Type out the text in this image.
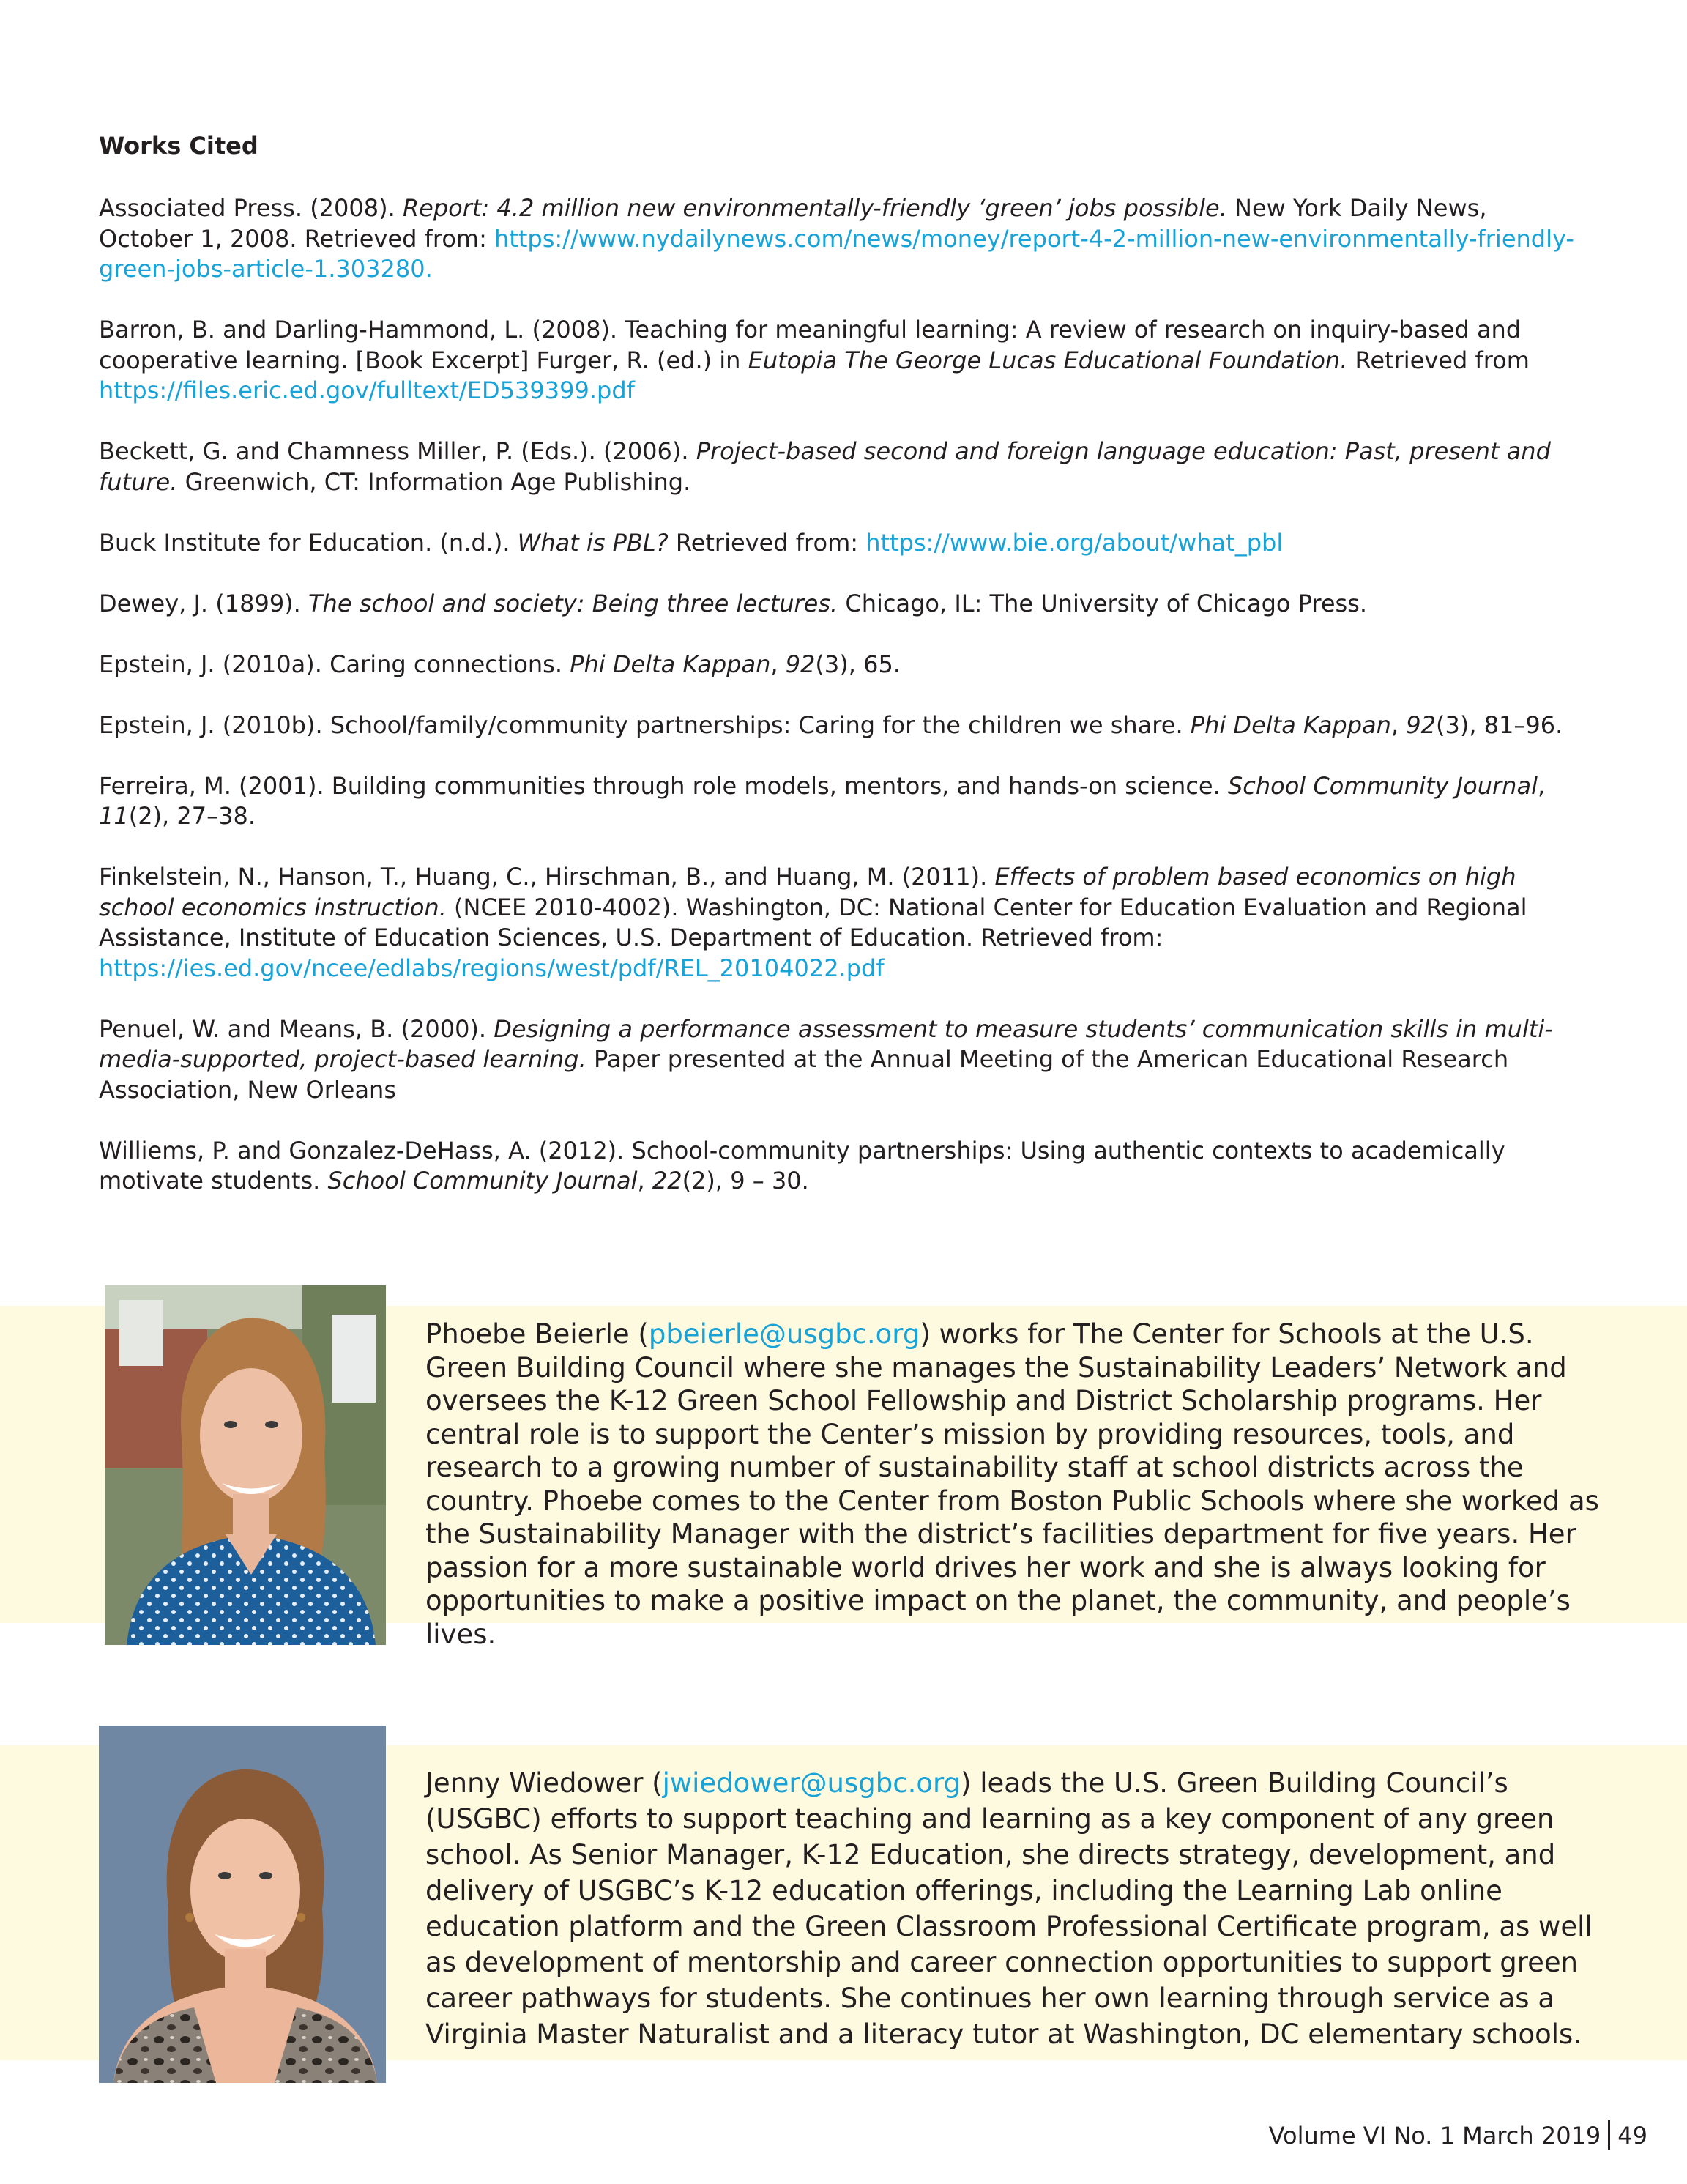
Works Cited
Associated Press. (2008). Report: 4.2 million new environmentally-friendly ‘green’ jobs possible. New York Daily News, October 1, 2008. Retrieved from: https://www.nydailynews.com/news/money/report-4-2-million-new-environmentally-friendly-green-jobs-article-1.303280.
Barron, B. and Darling-Hammond, L. (2008). Teaching for meaningful learning: A review of research on inquiry-based and cooperative learning. [Book Excerpt] Furger, R. (ed.) in Eutopia The George Lucas Educational Foundation. Retrieved from https://files.eric.ed.gov/fulltext/ED539399.pdf
Beckett, G. and Chamness Miller, P. (Eds.). (2006). Project-based second and foreign language education: Past, present and future. Greenwich, CT: Information Age Publishing.
Buck Institute for Education. (n.d.). What is PBL? Retrieved from: https://www.bie.org/about/what_pbl
Dewey, J. (1899). The school and society: Being three lectures. Chicago, IL: The University of Chicago Press.
Epstein, J. (2010a). Caring connections. Phi Delta Kappan, 92(3), 65.
Epstein, J. (2010b). School/family/community partnerships: Caring for the children we share. Phi Delta Kappan, 92(3), 81–96.
Ferreira, M. (2001). Building communities through role models, mentors, and hands-on science. School Community Journal, 11(2), 27–38.
Finkelstein, N., Hanson, T., Huang, C., Hirschman, B., and Huang, M. (2011). Effects of problem based economics on high school economics instruction. (NCEE 2010-4002). Washington, DC: National Center for Education Evaluation and Regional Assistance, Institute of Education Sciences, U.S. Department of Education. Retrieved from: https://ies.ed.gov/ncee/edlabs/regions/west/pdf/REL_20104022.pdf
Penuel, W. and Means, B. (2000). Designing a performance assessment to measure students’ communication skills in multi-media-supported, project-based learning. Paper presented at the Annual Meeting of the American Educational Research Association, New Orleans
Williems, P. and Gonzalez-DeHass, A. (2012). School-community partnerships: Using authentic contexts to academically motivate students. School Community Journal, 22(2), 9 – 30.
Phoebe Beierle (pbeierle@usgbc.org) works for The Center for Schools at the U.S. Green Building Council where she manages the Sustainability Leaders’ Network and oversees the K-12 Green School Fellowship and District Scholarship programs. Her central role is to support the Center’s mission by providing resources, tools, and research to a growing number of sustainability staff at school districts across the country. Phoebe comes to the Center from Boston Public Schools where she worked as the Sustainability Manager with the district’s facilities department for five years. Her passion for a more sustainable world drives her work and she is always looking for opportunities to make a positive impact on the planet, the community, and people’s lives.
Jenny Wiedower (jwiedower@usgbc.org) leads the U.S. Green Building Council’s (USGBC) efforts to support teaching and learning as a key component of any green school. As Senior Manager, K-12 Education, she directs strategy, development, and delivery of USGBC’s K-12 education offerings, including the Learning Lab online education platform and the Green Classroom Professional Certificate program, as well as development of mentorship and career connection opportunities to support green career pathways for students. She continues her own learning through service as a Virginia Master Naturalist and a literacy tutor at Washington, DC elementary schools.
Volume VI No. 1 March 2019 49
